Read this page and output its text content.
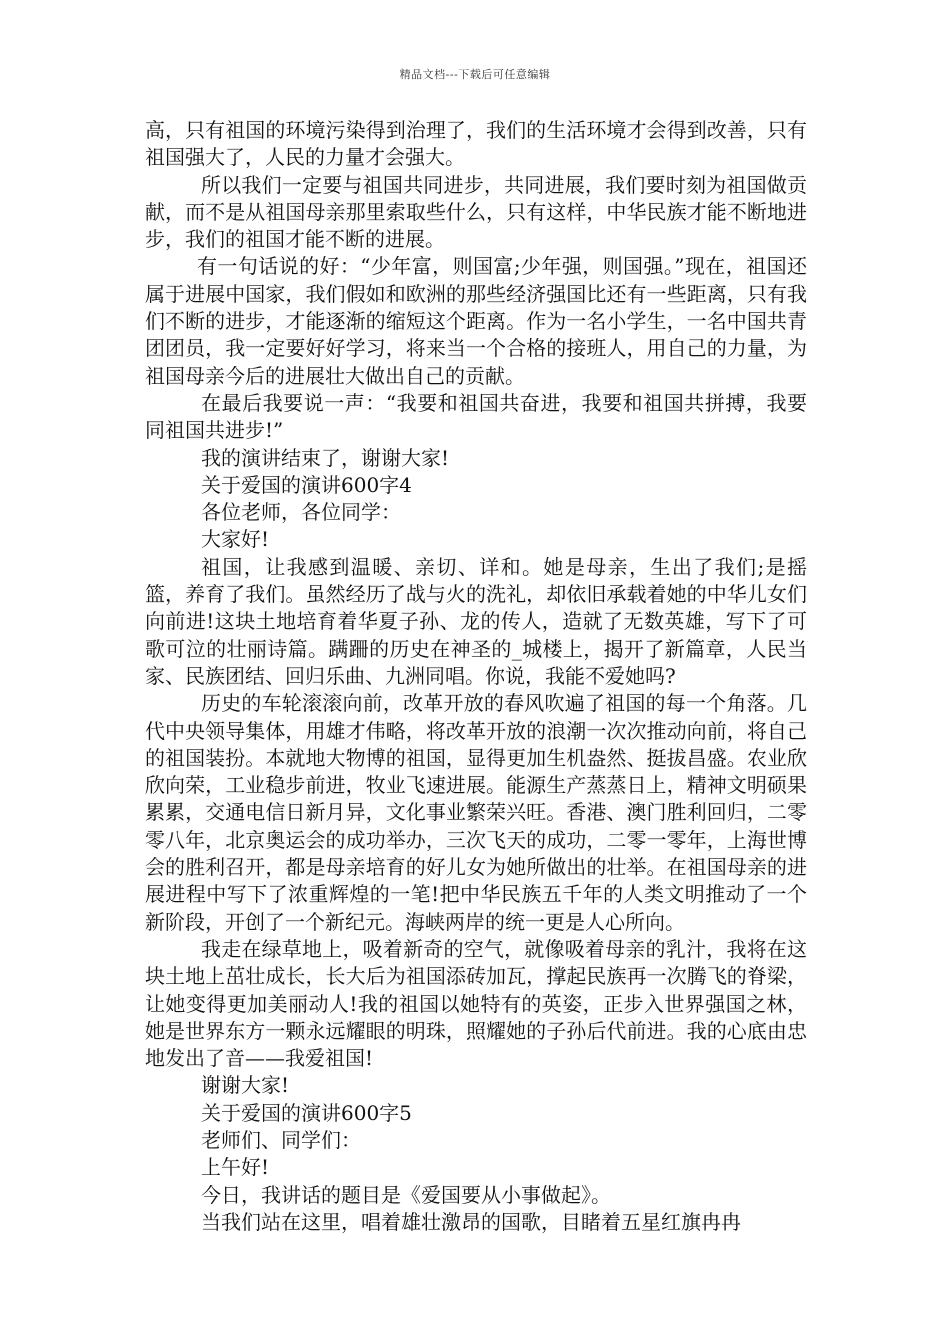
精品文档---下载后可任意编辑

高，只有祖国的环境污染得到治理了，我们的生活环境才会得到改善，只有祖国强大了，人民的力量才会强大。

所以我们一定要与祖国共同进步，共同进展，我们要时刻为祖国做贡献，而不是从祖国母亲那里索取些什么，只有这样，中华民族才能不断地进步，我们的祖国才能不断的进展。

有一句话说的好：“少年富，则国富;少年强，则国强。”现在，祖国还属于进展中国家，我们假如和欧洲的那些经济强国比还有一些距离，只有我们不断的进步，才能逐渐的缩短这个距离。作为一名小学生，一名中国共青团团员，我一定要好好学习，将来当一个合格的接班人，用自己的力量，为祖国母亲今后的进展壮大做出自己的贡献。

在最后我要说一声：“我要和祖国共奋进，我要和祖国共拼搏，我要同祖国共进步!”

我的演讲结束了，谢谢大家!

关于爱国的演讲600字4

各位老师，各位同学：

大家好!

祖国，让我感到温暖、亲切、详和。她是母亲，生出了我们;是摇篮，养育了我们。虽然经历了战与火的洗礼，却依旧承载着她的中华儿女们向前进!这块土地培育着华夏子孙、龙的传人，造就了无数英雄，写下了可歌可泣的壮丽诗篇。蹒跚的历史在神圣的_城楼上，揭开了新篇章，人民当家、民族团结、回归乐曲、九洲同唱。你说，我能不爱她吗?

历史的车轮滚滚向前，改革开放的春风吹遍了祖国的每一个角落。几代中央领导集体，用雄才伟略，将改革开放的浪潮一次次推动向前，将自己的祖国装扮。本就地大物博的祖国，显得更加生机盎然、挺拔昌盛。农业欣欣向荣，工业稳步前进，牧业飞速进展。能源生产蒸蒸日上，精神文明硕果累累，交通电信日新月异，文化事业繁荣兴旺。香港、澳门胜利回归，二零零八年，北京奥运会的成功举办，三次飞天的成功，二零一零年，上海世博会的胜利召开，都是母亲培育的好儿女为她所做出的壮举。在祖国母亲的进展进程中写下了浓重辉煌的一笔!把中华民族五千年的人类文明推动了一个新阶段，开创了一个新纪元。海峡两岸的统一更是人心所向。

我走在绿草地上，吸着新奇的空气，就像吸着母亲的乳汁，我将在这块土地上茁壮成长，长大后为祖国添砖加瓦，撑起民族再一次腾飞的脊梁，让她变得更加美丽动人!我的祖国以她特有的英姿，正步入世界强国之林，她是世界东方一颗永远耀眼的明珠，照耀她的子孙后代前进。我的心底由忠地发出了音——我爱祖国!

谢谢大家!

关于爱国的演讲600字5

老师们、同学们：

上午好!

今日，我讲话的题目是《爱国要从小事做起》。

当我们站在这里，唱着雄壮激昂的国歌，目睹着五星红旗冉冉
